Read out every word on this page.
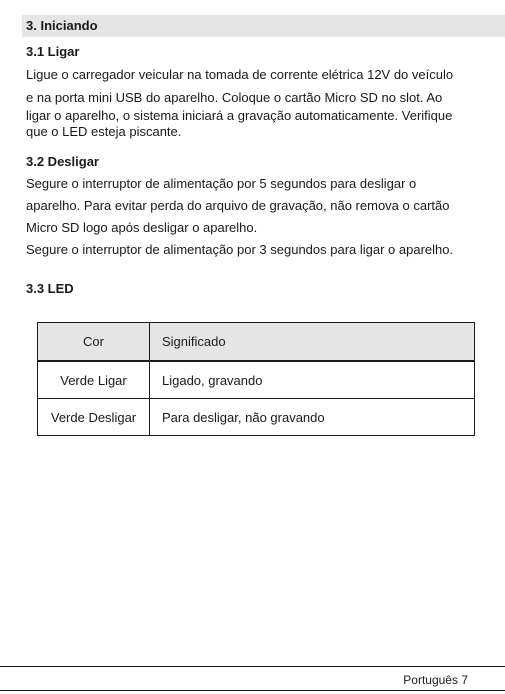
3. Iniciando
3.1 Ligar
Ligue o carregador veicular na tomada de corrente elétrica 12V do veículo
e na porta mini USB do aparelho. Coloque o cartão Micro SD no slot. Ao
ligar o aparelho, o sistema iniciará a gravação automaticamente. Verifique
que o LED esteja piscante.
3.2 Desligar
Segure o interruptor de alimentação por 5 segundos para desligar o
aparelho. Para evitar perda do arquivo de gravação, não remova o cartão
Micro SD logo após desligar o aparelho.
Segure o interruptor de alimentação por 3 segundos para ligar o aparelho.
3.3 LED
Cor	Significado
Verde Ligar	Ligado, gravando
Verde Desligar	Para desligar, não gravando
Português 7
